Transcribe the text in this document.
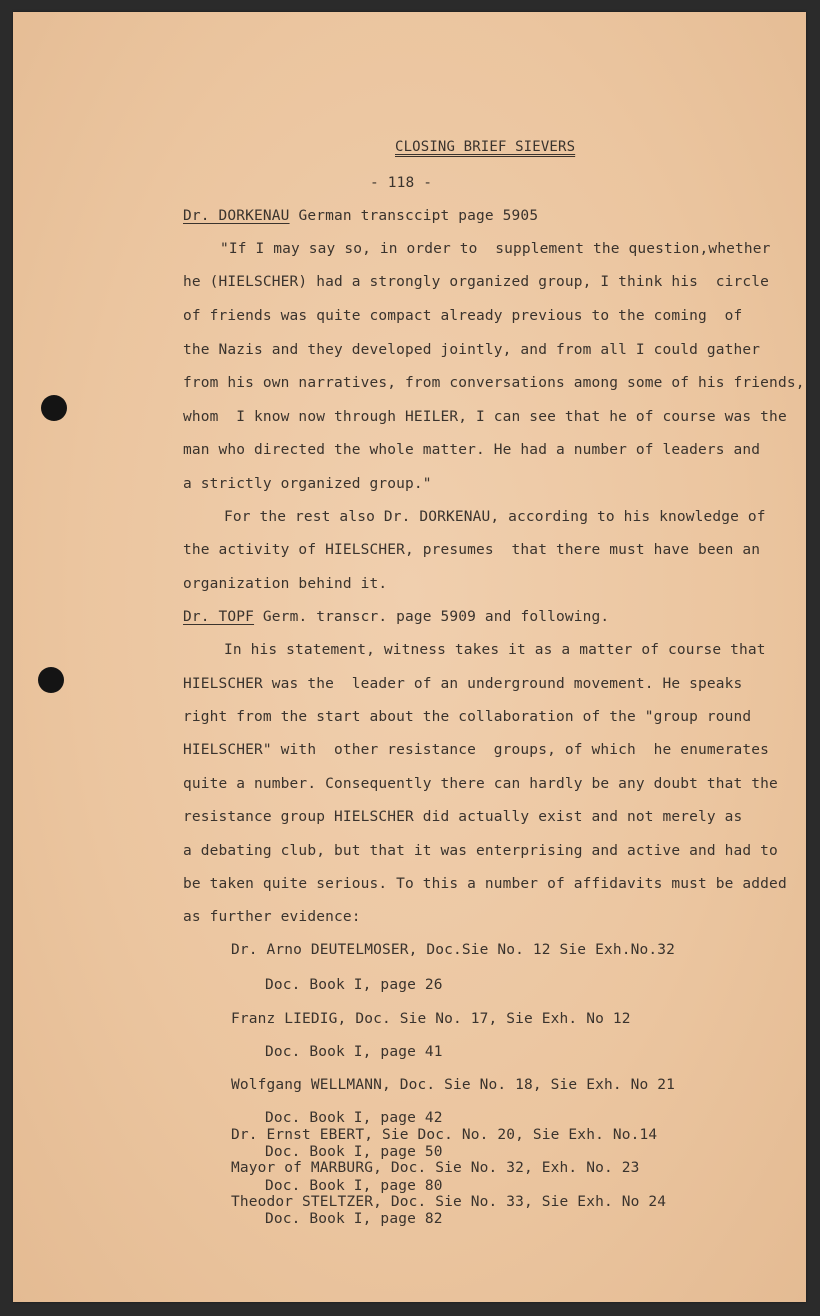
CLOSING BRIEF SIEVERS
- 118 -
Dr. DORKENAU German transccipt page 5905
"If I may say so, in order to  supplement the question,whether
he (HIELSCHER) had a strongly organized group, I think his  circle
of friends was quite compact already previous to the coming  of
the Nazis and they developed jointly, and from all I could gather
from his own narratives, from conversations among some of his friends,
whom  I know now through HEILER, I can see that he of course was the
man who directed the whole matter. He had a number of leaders and
a strictly organized group."
For the rest also Dr. DORKENAU, according to his knowledge of
the activity of HIELSCHER, presumes  that there must have been an
organization behind it.
Dr. TOPF Germ. transcr. page 5909 and following.
In his statement, witness takes it as a matter of course that
HIELSCHER was the  leader of an underground movement. He speaks
right from the start about the collaboration of the "group round
HIELSCHER" with  other resistance  groups, of which  he enumerates
quite a number. Consequently there can hardly be any doubt that the
resistance group HIELSCHER did actually exist and not merely as
a debating club, but that it was enterprising and active and had to
be taken quite serious. To this a number of affidavits must be added
as further evidence:
Dr. Arno DEUTELMOSER, Doc.Sie No. 12 Sie Exh.No.32
Doc. Book I, page 26
Franz LIEDIG, Doc. Sie No. 17, Sie Exh. No 12
Doc. Book I, page 41
Wolfgang WELLMANN, Doc. Sie No. 18, Sie Exh. No 21
Doc. Book I, page 42
Dr. Ernst EBERT, Sie Doc. No. 20, Sie Exh. No.14
Doc. Book I, page 50
Mayor of MARBURG, Doc. Sie No. 32, Exh. No. 23
Doc. Book I, page 80
Theodor STELTZER, Doc. Sie No. 33, Sie Exh. No 24
Doc. Book I, page 82
